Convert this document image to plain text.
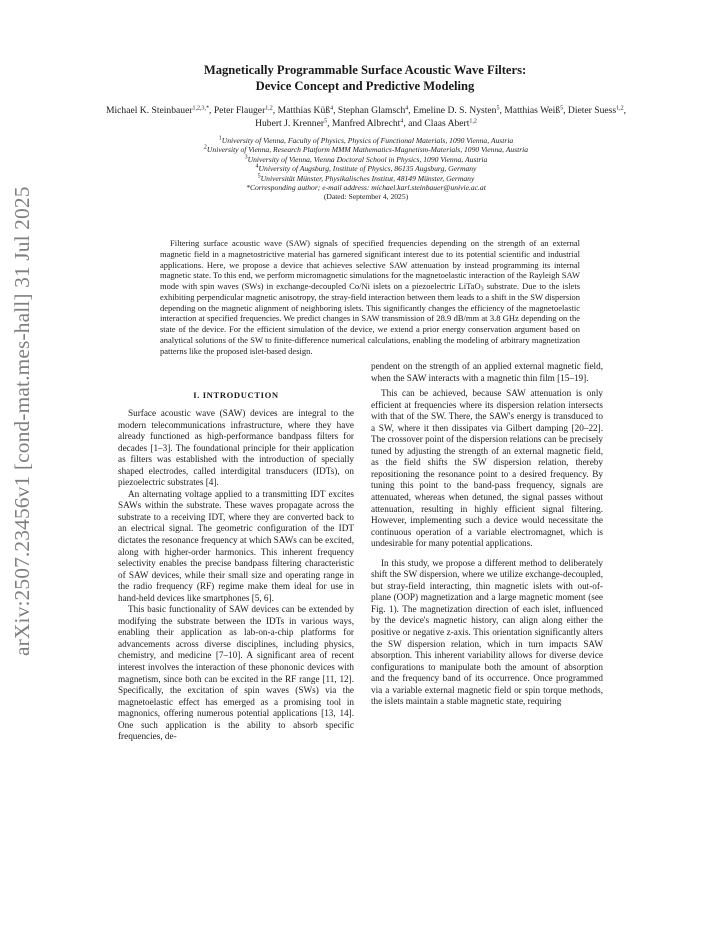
arXiv:2507.23456v1 [cond-mat.mes-hall] 31 Jul 2025
Magnetically Programmable Surface Acoustic Wave Filters:
Device Concept and Predictive Modeling
Michael K. Steinbauer$^{1,2,3,*}$, Peter Flauger$^{1,2}$, Matthias Küß$^4$, Stephan Glamsch$^4$, Emeline D. S. Nysten$^5$, Matthias Weiß$^5$, Dieter Suess$^{1,2}$, Hubert J. Krenner$^5$, Manfred Albrecht$^4$, and Claas Abert$^{1,2}$
$^1$University of Vienna, Faculty of Physics, Physics of Functional Materials, 1090 Vienna, Austria
$^2$University of Vienna, Research Platform MMM Mathematics-Magnetism-Materials, 1090 Vienna, Austria
$^3$University of Vienna, Vienna Doctoral School in Physics, 1090 Vienna, Austria
$^4$University of Augsburg, Institute of Physics, 86135 Augsburg, Germany
$^5$Universität Münster, Physikalisches Institut, 48149 Münster, Germany
*Corresponding author; e-mail address: michael.karl.steinbauer@univie.ac.at
(Dated: September 4, 2025)
Filtering surface acoustic wave (SAW) signals of specified frequencies depending on the strength of an external magnetic field in a magnetostrictive material has garnered significant interest due to its potential scientific and industrial applications. Here, we propose a device that achieves selective SAW attenuation by instead programming its internal magnetic state. To this end, we perform micromagnetic simulations for the magnetoelastic interaction of the Rayleigh SAW mode with spin waves (SWs) in exchange-decoupled Co/Ni islets on a piezoelectric LiTaO$_3$ substrate. Due to the islets exhibiting perpendicular magnetic anisotropy, the stray-field interaction between them leads to a shift in the SW dispersion depending on the magnetic alignment of neighboring islets. This significantly changes the efficiency of the magnetoelastic interaction at specified frequencies. We predict changes in SAW transmission of 28.9 dB/mm at 3.8 GHz depending on the state of the device. For the efficient simulation of the device, we extend a prior energy conservation argument based on analytical solutions of the SW to finite-difference numerical calculations, enabling the modeling of arbitrary magnetization patterns like the proposed islet-based design.
I. INTRODUCTION

Surface acoustic wave (SAW) devices are integral to the modern telecommunications infrastructure, where they have already functioned as high-performance bandpass filters for decades [1–3]. The foundational principle for their application as filters was established with the introduction of specially shaped electrodes, called interdigital transducers (IDTs), on piezoelectric substrates [4].

An alternating voltage applied to a transmitting IDT excites SAWs within the substrate. These waves propagate across the substrate to a receiving IDT, where they are converted back to an electrical signal. The geometric configuration of the IDT dictates the resonance frequency at which SAWs can be excited, along with higher-order harmonics. This inherent frequency selectivity enables the precise bandpass filtering characteristic of SAW devices, while their small size and operating range in the radio frequency (RF) regime make them ideal for use in hand-held devices like smartphones [5, 6].

This basic functionality of SAW devices can be extended by modifying the substrate between the IDTs in various ways, enabling their application as lab-on-a-chip platforms for advancements across diverse disciplines, including physics, chemistry, and medicine [7–10]. A significant area of recent interest involves the interaction of these phononic devices with magnetism, since both can be excited in the RF range [11, 12]. Specifically, the excitation of spin waves (SWs) via the magnetoelastic effect has emerged as a promising tool in magnonics, offering numerous potential applications [13, 14]. One such application is the ability to absorb specific frequencies, de-

pendent on the strength of an applied external magnetic field, when the SAW interacts with a magnetic thin film [15–19].

This can be achieved, because SAW attenuation is only efficient at frequencies where its dispersion relation intersects with that of the SW. There, the SAW's energy is transduced to a SW, where it then dissipates via Gilbert damping [20–22]. The crossover point of the dispersion relations can be precisely tuned by adjusting the strength of an external magnetic field, as the field shifts the SW dispersion relation, thereby repositioning the resonance point to a desired frequency. By tuning this point to the band-pass frequency, signals are attenuated, whereas when detuned, the signal passes without attenuation, resulting in highly efficient signal filtering. However, implementing such a device would necessitate the continuous operation of a variable electromagnet, which is undesirable for many potential applications.

In this study, we propose a different method to deliberately shift the SW dispersion, where we utilize exchange-decoupled, but stray-field interacting, thin magnetic islets with out-of-plane (OOP) magnetization and a large magnetic moment (see Fig. 1). The magnetization direction of each islet, influenced by the device's magnetic history, can align along either the positive or negative z-axis. This orientation significantly alters the SW dispersion relation, which in turn impacts SAW absorption. This inherent variability allows for diverse device configurations to manipulate both the amount of absorption and the frequency band of its occurrence. Once programmed via a variable external magnetic field or spin torque methods, the islets maintain a stable magnetic state, requiring
